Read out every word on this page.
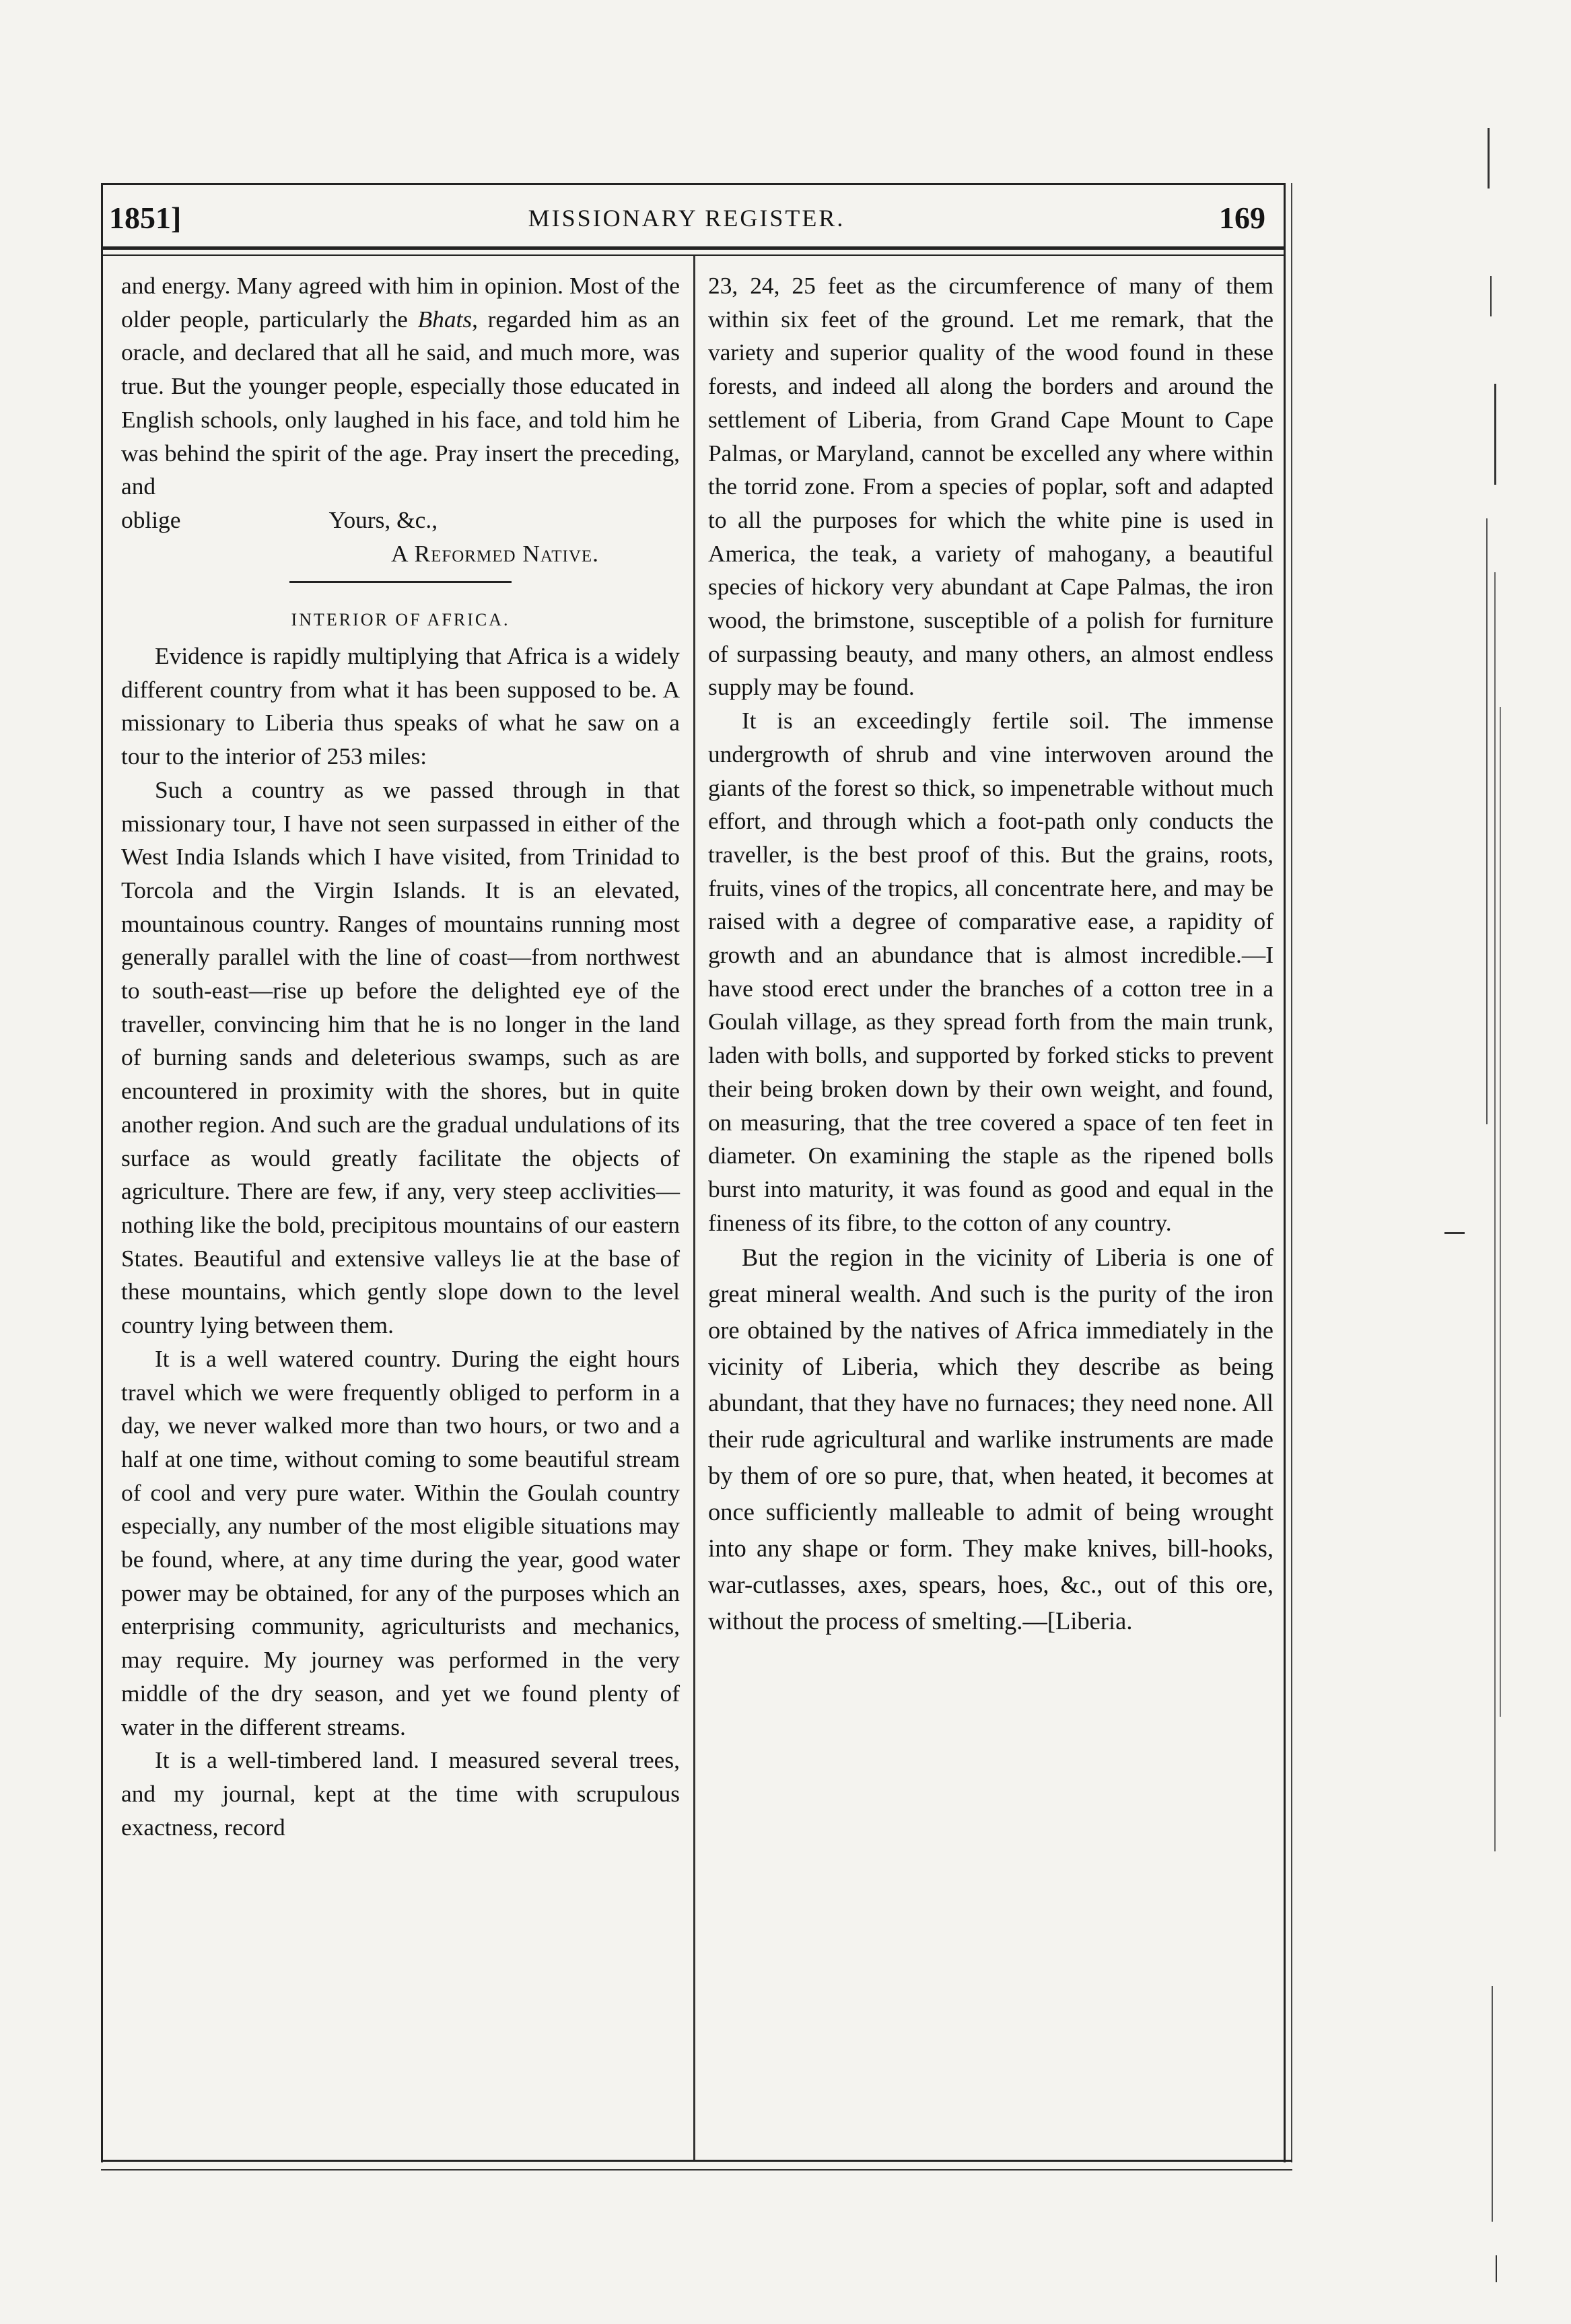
1851]	MISSIONARY REGISTER.	169

and energy. Many agreed with him in opinion. Most of the older people, particularly the Bhats, regarded him as an oracle, and declared that all he said, and much more, was true. But the younger people, especially those educated in English schools, only laughed in his face, and told him he was behind the spirit of the age. Pray insert the preceding, and

oblige	Yours, &c.,

A Reformed Native.

INTERIOR OF AFRICA.

Evidence is rapidly multiplying that Africa is a widely different country from what it has been supposed to be. A missionary to Liberia thus speaks of what he saw on a tour to the interior of 253 miles:

Such a country as we passed through in that missionary tour, I have not seen surpassed in either of the West India Islands which I have visited, from Trinidad to Torcola and the Virgin Islands. It is an elevated, mountainous country. Ranges of mountains running most generally parallel with the line of coast—from northwest to south-east—rise up before the delighted eye of the traveller, convincing him that he is no longer in the land of burning sands and deleterious swamps, such as are encountered in proximity with the shores, but in quite another region. And such are the gradual undulations of its surface as would greatly facilitate the objects of agriculture. There are few, if any, very steep acclivities—nothing like the bold, precipitous mountains of our eastern States. Beautiful and extensive valleys lie at the base of these mountains, which gently slope down to the level country lying between them.

It is a well watered country. During the eight hours travel which we were frequently obliged to perform in a day, we never walked more than two hours, or two and a half at one time, without coming to some beautiful stream of cool and very pure water. Within the Goulah country especially, any number of the most eligible situations may be found, where, at any time during the year, good water power may be obtained, for any of the purposes which an enterprising community, agriculturists and mechanics, may require. My journey was performed in the very middle of the dry season, and yet we found plenty of water in the different streams.

It is a well-timbered land. I measured several trees, and my journal, kept at the time with scrupulous exactness, record

23, 24, 25 feet as the circumference of many of them within six feet of the ground. Let me remark, that the variety and superior quality of the wood found in these forests, and indeed all along the borders and around the settlement of Liberia, from Grand Cape Mount to Cape Palmas, or Maryland, cannot be excelled any where within the torrid zone. From a species of poplar, soft and adapted to all the purposes for which the white pine is used in America, the teak, a variety of mahogany, a beautiful species of hickory very abundant at Cape Palmas, the iron wood, the brimstone, susceptible of a polish for furniture of surpassing beauty, and many others, an almost endless supply may be found.

It is an exceedingly fertile soil. The immense undergrowth of shrub and vine interwoven around the giants of the forest so thick, so impenetrable without much effort, and through which a foot-path only conducts the traveller, is the best proof of this. But the grains, roots, fruits, vines of the tropics, all concentrate here, and may be raised with a degree of comparative ease, a rapidity of growth and an abundance that is almost incredible.—I have stood erect under the branches of a cotton tree in a Goulah village, as they spread forth from the main trunk, laden with bolls, and supported by forked sticks to prevent their being broken down by their own weight, and found, on measuring, that the tree covered a space of ten feet in diameter. On examining the staple as the ripened bolls burst into maturity, it was found as good and equal in the fineness of its fibre, to the cotton of any country.

But the region in the vicinity of Liberia is one of great mineral wealth. And such is the purity of the iron ore obtained by the natives of Africa immediately in the vicinity of Liberia, which they describe as being abundant, that they have no furnaces; they need none. All their rude agricultural and warlike instruments are made by them of ore so pure, that, when heated, it becomes at once sufficiently malleable to admit of being wrought into any shape or form. They make knives, bill-hooks, war-cutlasses, axes, spears, hoes, &c., out of this ore, without the process of smelting.—[Liberia.
